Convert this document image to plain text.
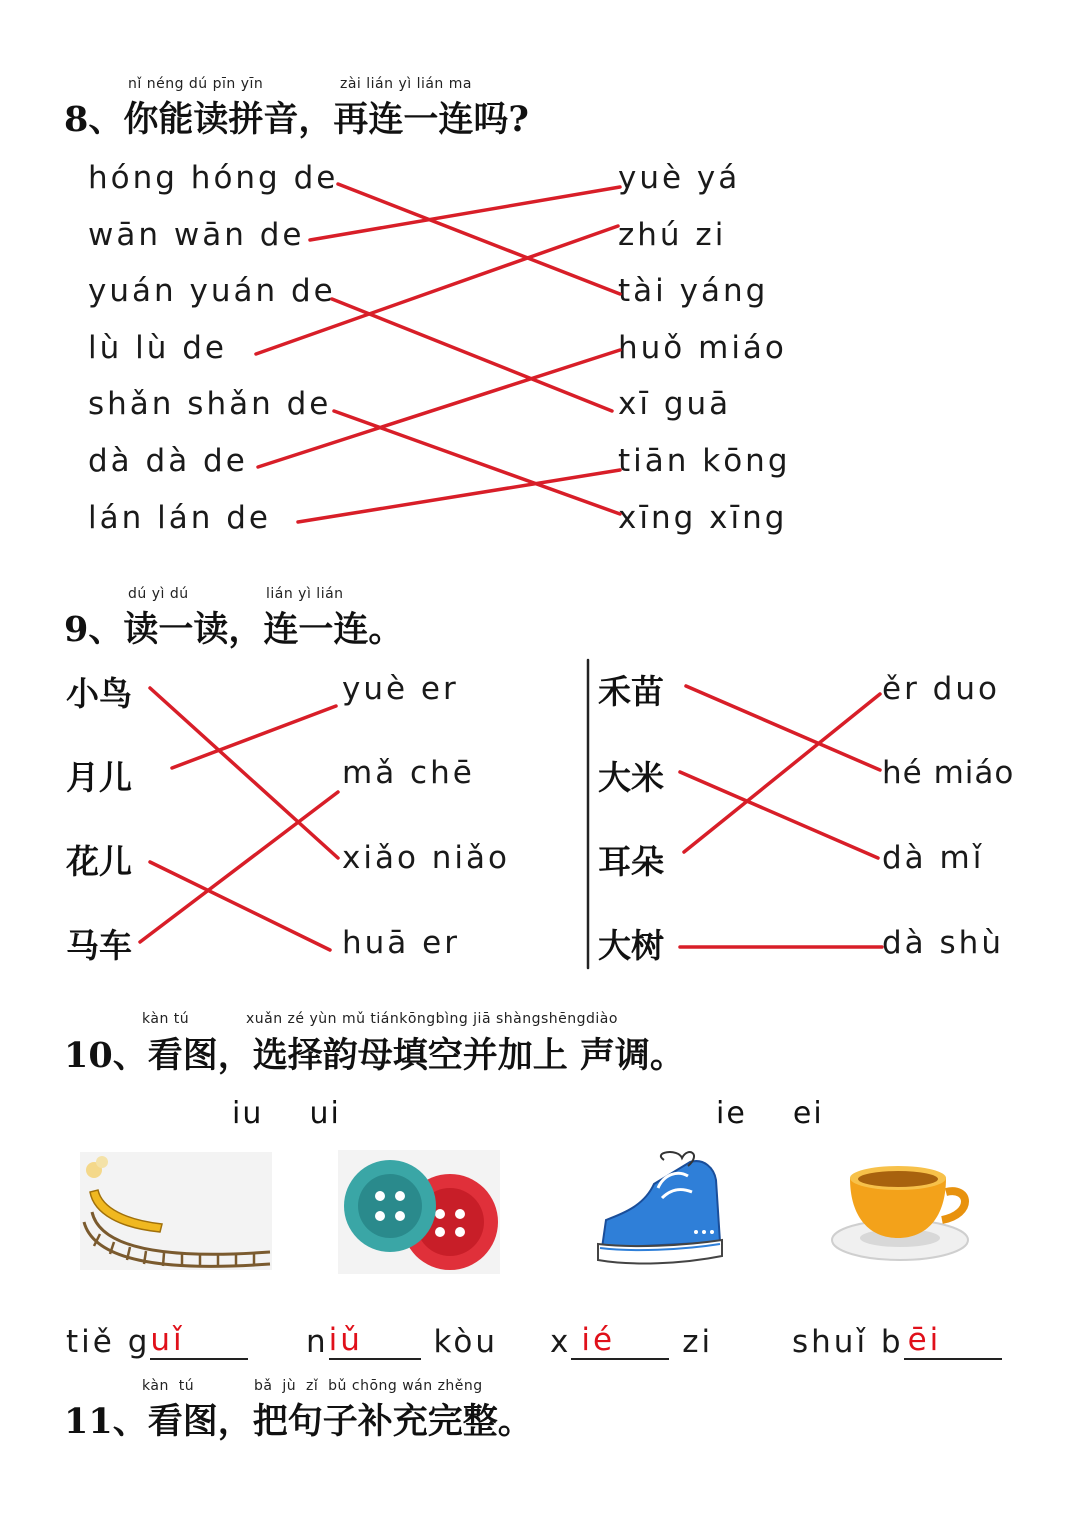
nǐ néng dú pīn yīn	zài lián yì lián ma
8、你能读拼音，再连一连吗?
hóng hóng de
wān wān de
yuán yuán de
lù lù de
shǎn shǎn de
dà dà de
lán lán de
yuè yá
zhú zi
tài yáng
huǒ miáo
xī guā
tiān kōng
xīng xīng
dú yì dú	lián yì lián
9、读一读，连一连。
小鸟
月儿
花儿
马车
yuè er
mǎ chē
xiǎo niǎo
huā er
禾苗
大米
耳朵
大树
ěr duo
hé miáo
dà mǐ
dà shù
kàn tú	xuǎn zé yùn mǔ tiánkōngbìng jiā shàngshēngdiào
10、看图，选择韵母填空并加上 声调。
iu    ui	ie    ei
tiě guǐ	niǔ kòu x ié zi	shuǐ b ēi
kàn  tú	bǎ  jù  zǐ  bǔ chōng wán zhěng
11、看图，把句子补充完整。
